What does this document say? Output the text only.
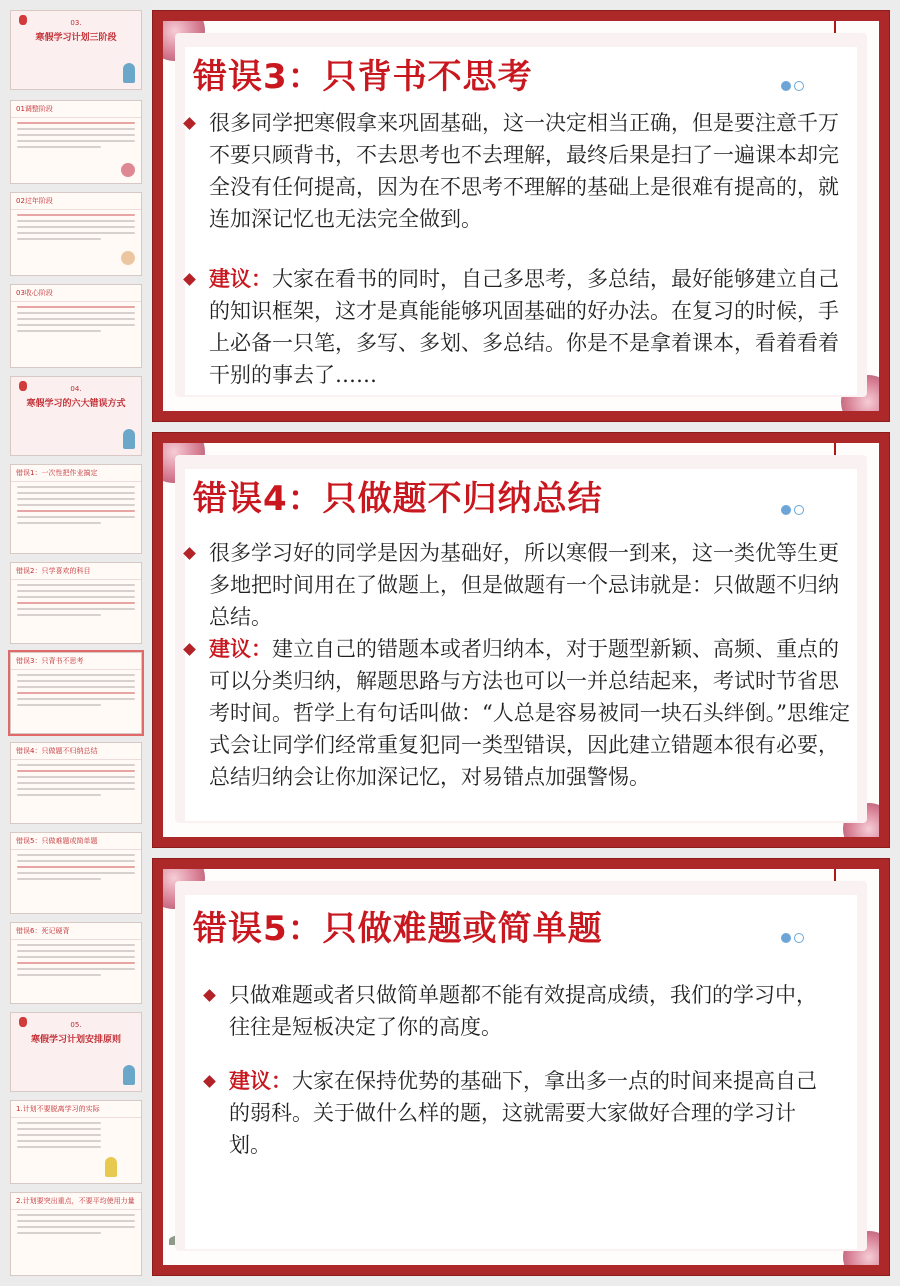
03.
寒假学习计划三阶段
01调整阶段
02过年阶段
03收心阶段
04.
寒假学习的六大错误方式
错误1：一次性把作业搞定
错误2：只学喜欢的科目
错误3：只背书不思考
错误4：只做题不归纳总结
错误5：只做难题或简单题
错误6：死记硬背
05.
寒假学习计划安排原则
1.计划不要脱离学习的实际
2.计划要突出重点，不要平均使用力量
错误3：只背书不思考
很多同学把寒假拿来巩固基础，这一决定相当正确，但是要注意千万不要只顾背书，不去思考也不去理解，最终后果是扫了一遍课本却完全没有任何提高，因为在不思考不理解的基础上是很难有提高的，就连加深记忆也无法完全做到。
建议：大家在看书的同时，自己多思考，多总结，最好能够建立自己的知识框架，这才是真能能够巩固基础的好办法。在复习的时候，手上必备一只笔，多写、多划、多总结。你是不是拿着课本，看着看着干别的事去了……
错误4：只做题不归纳总结
很多学习好的同学是因为基础好，所以寒假一到来，这一类优等生更多地把时间用在了做题上，但是做题有一个忌讳就是：只做题不归纳总结。
建议：建立自己的错题本或者归纳本，对于题型新颖、高频、重点的可以分类归纳，解题思路与方法也可以一并总结起来，考试时节省思考时间。哲学上有句话叫做：“人总是容易被同一块石头绊倒。”思维定式会让同学们经常重复犯同一类型错误，因此建立错题本很有必要，总结归纳会让你加深记忆，对易错点加强警惕。
错误5：只做难题或简单题
只做难题或者只做简单题都不能有效提高成绩，我们的学习中，往往是短板决定了你的高度。
建议：大家在保持优势的基础下，拿出多一点的时间来提高自己的弱科。关于做什么样的题，这就需要大家做好合理的学习计划。
